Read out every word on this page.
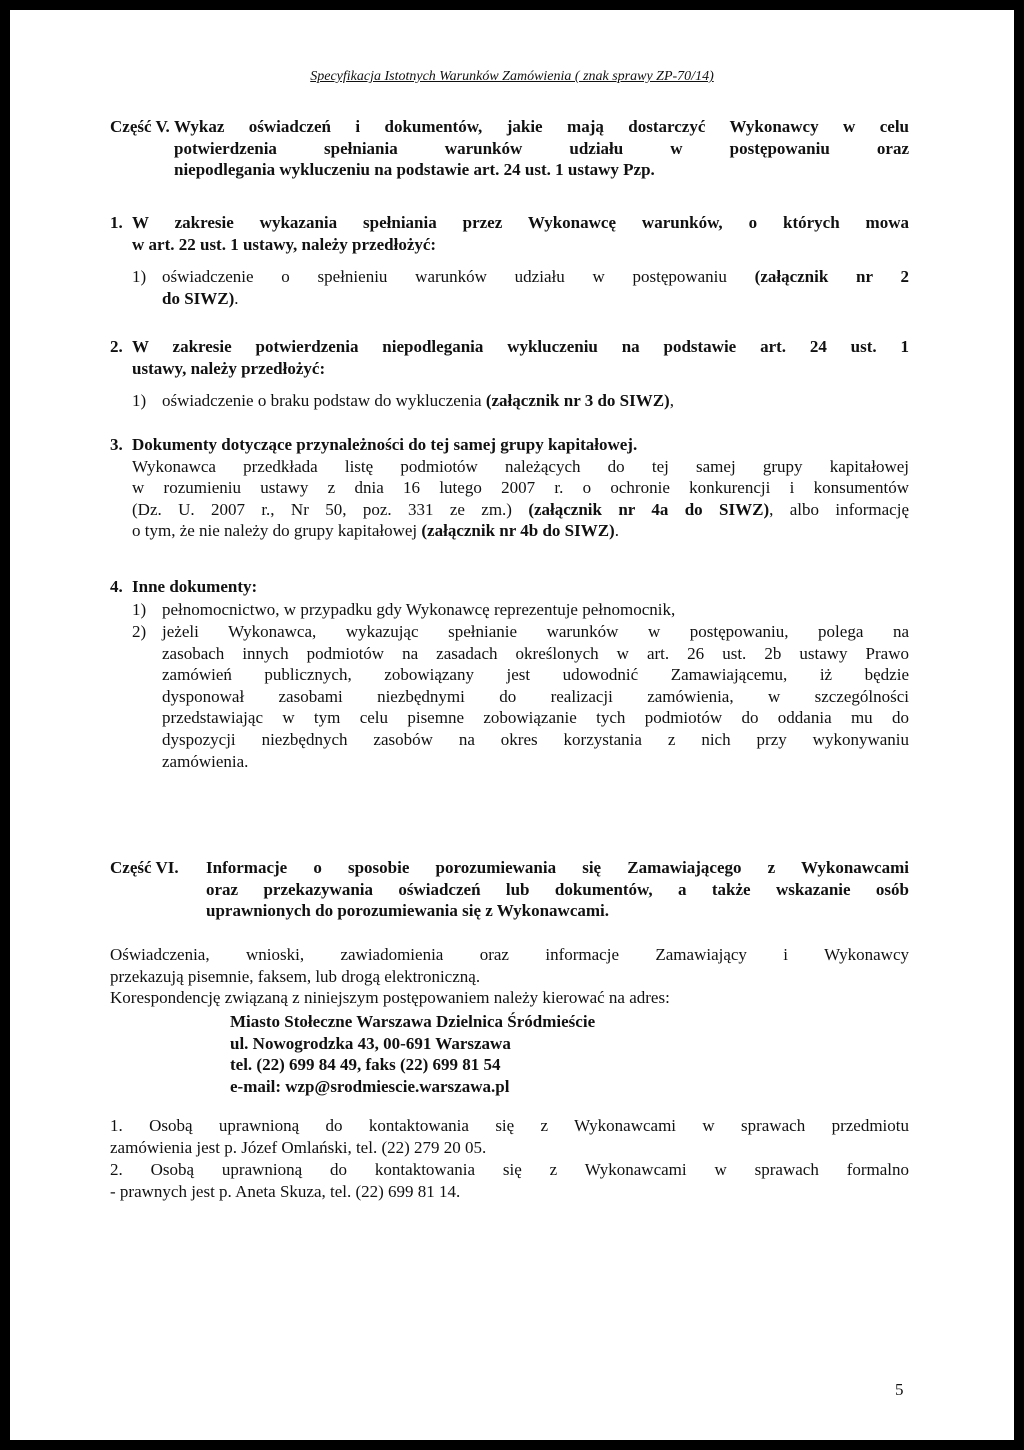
Specyfikacja Istotnych Warunków Zamówienia ( znak sprawy ZP-70/14)
Część V. Wykaz oświadczeń i dokumentów, jakie mają dostarczyć Wykonawcy w celu
potwierdzenia spełniania warunków udziału w postępowaniu oraz
niepodlegania wykluczeniu na podstawie art. 24 ust. 1 ustawy Pzp.
1. W zakresie wykazania spełniania przez Wykonawcę warunków, o których mowa
w art. 22 ust. 1 ustawy, należy przedłożyć:
1) oświadczenie o spełnieniu warunków udziału w postępowaniu (załącznik nr 2
do SIWZ).
2. W zakresie potwierdzenia niepodlegania wykluczeniu na podstawie art. 24 ust. 1
ustawy, należy przedłożyć:
1) oświadczenie o braku podstaw do wykluczenia (załącznik nr 3 do SIWZ),
3. Dokumenty dotyczące przynależności do tej samej grupy kapitałowej.
Wykonawca przedkłada listę podmiotów należących do tej samej grupy kapitałowej
w rozumieniu ustawy z dnia 16 lutego 2007 r. o ochronie konkurencji i konsumentów
(Dz. U. 2007 r., Nr 50, poz. 331 ze zm.) (załącznik nr 4a do SIWZ), albo informację
o tym, że nie należy do grupy kapitałowej (załącznik nr 4b do SIWZ).
4. Inne dokumenty:
1) pełnomocnictwo, w przypadku gdy Wykonawcę reprezentuje pełnomocnik,
2) jeżeli Wykonawca, wykazując spełnianie warunków w postępowaniu, polega na
zasobach innych podmiotów na zasadach określonych w art. 26 ust. 2b ustawy Prawo
zamówień publicznych, zobowiązany jest udowodnić Zamawiającemu, iż będzie
dysponował zasobami niezbędnymi do realizacji zamówienia, w szczególności
przedstawiając w tym celu pisemne zobowiązanie tych podmiotów do oddania mu do
dyspozycji niezbędnych zasobów na okres korzystania z nich przy wykonywaniu
zamówienia.
Część VI. Informacje o sposobie porozumiewania się Zamawiającego z Wykonawcami
oraz przekazywania oświadczeń lub dokumentów, a także wskazanie osób
uprawnionych do porozumiewania się z Wykonawcami.
Oświadczenia, wnioski, zawiadomienia oraz informacje Zamawiający i Wykonawcy
przekazują pisemnie, faksem, lub drogą elektroniczną.
Korespondencję związaną z niniejszym postępowaniem należy kierować na adres:
Miasto Stołeczne Warszawa Dzielnica Śródmieście
ul. Nowogrodzka 43, 00-691 Warszawa
tel. (22) 699 84 49, faks (22) 699 81 54
e-mail: wzp@srodmiescie.warszawa.pl
1. Osobą uprawnioną do kontaktowania się z Wykonawcami w sprawach przedmiotu
zamówienia jest p. Józef Omlański, tel. (22) 279 20 05.
2. Osobą uprawnioną do kontaktowania się z Wykonawcami w sprawach formalno
- prawnych jest p. Aneta Skuza, tel. (22) 699 81 14.
5
